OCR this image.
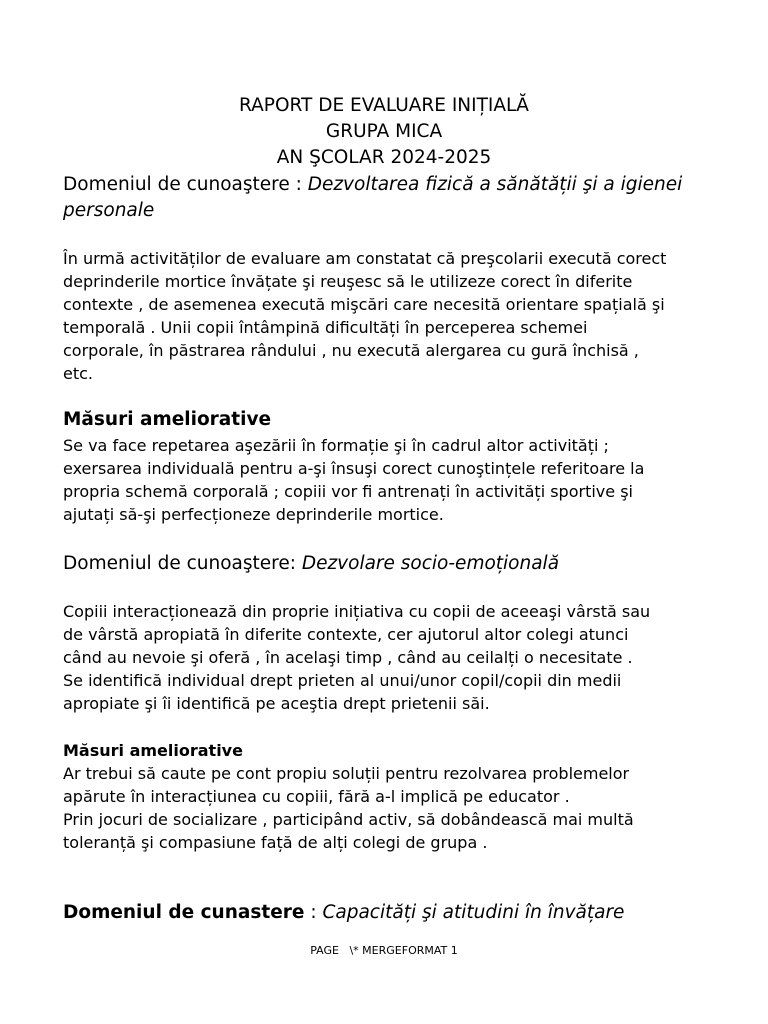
RAPORT DE EVALUARE INIȚIALĂ
GRUPA MICA
AN ŞCOLAR 2024-2025
Domeniul de cunoaştere : Dezvoltarea fizică a sănătății şi a igienei
personale
În urmă activităților de evaluare am constatat că preşcolarii execută corect
deprinderile mortice învățate şi reuşesc să le utilizeze corect în diferite
contexte , de asemenea execută mişcări care necesită orientare spațială şi
temporală . Unii copii întâmpină dificultăți în perceperea schemei
corporale, în păstrarea rândului , nu execută alergarea cu gură închisă ,
etc.
Măsuri ameliorative
Se va face repetarea aşezării în formație şi în cadrul altor activități ;
exersarea individuală pentru a-şi însuşi corect cunoştințele referitoare la
propria schemă corporală ; copiii vor fi antrenați în activități sportive şi
ajutați să-şi perfecționeze deprinderile mortice.
Domeniul de cunoaştere: Dezvolare socio-emoțională
Copiii interacționează din proprie inițiativa cu copii de aceeaşi vârstă sau
de vârstă apropiată în diferite contexte, cer ajutorul altor colegi atunci
când au nevoie şi oferă , în acelaşi timp , când au ceilalți o necesitate .
Se identifică individual drept prieten al unui/unor copil/copii din medii
apropiate şi îi identifică pe aceştia drept prietenii săi.
Măsuri ameliorative
Ar trebui să caute pe cont propiu soluții pentru rezolvarea problemelor
apărute în interacțiunea cu copiii, fără a-l implică pe educator .
Prin jocuri de socializare , participând activ, să dobândească mai multă
toleranță şi compasiune față de alți colegi de grupa .
Domeniul de cunastere : Capacități şi atitudini în învățare
PAGE   \* MERGEFORMAT 1
